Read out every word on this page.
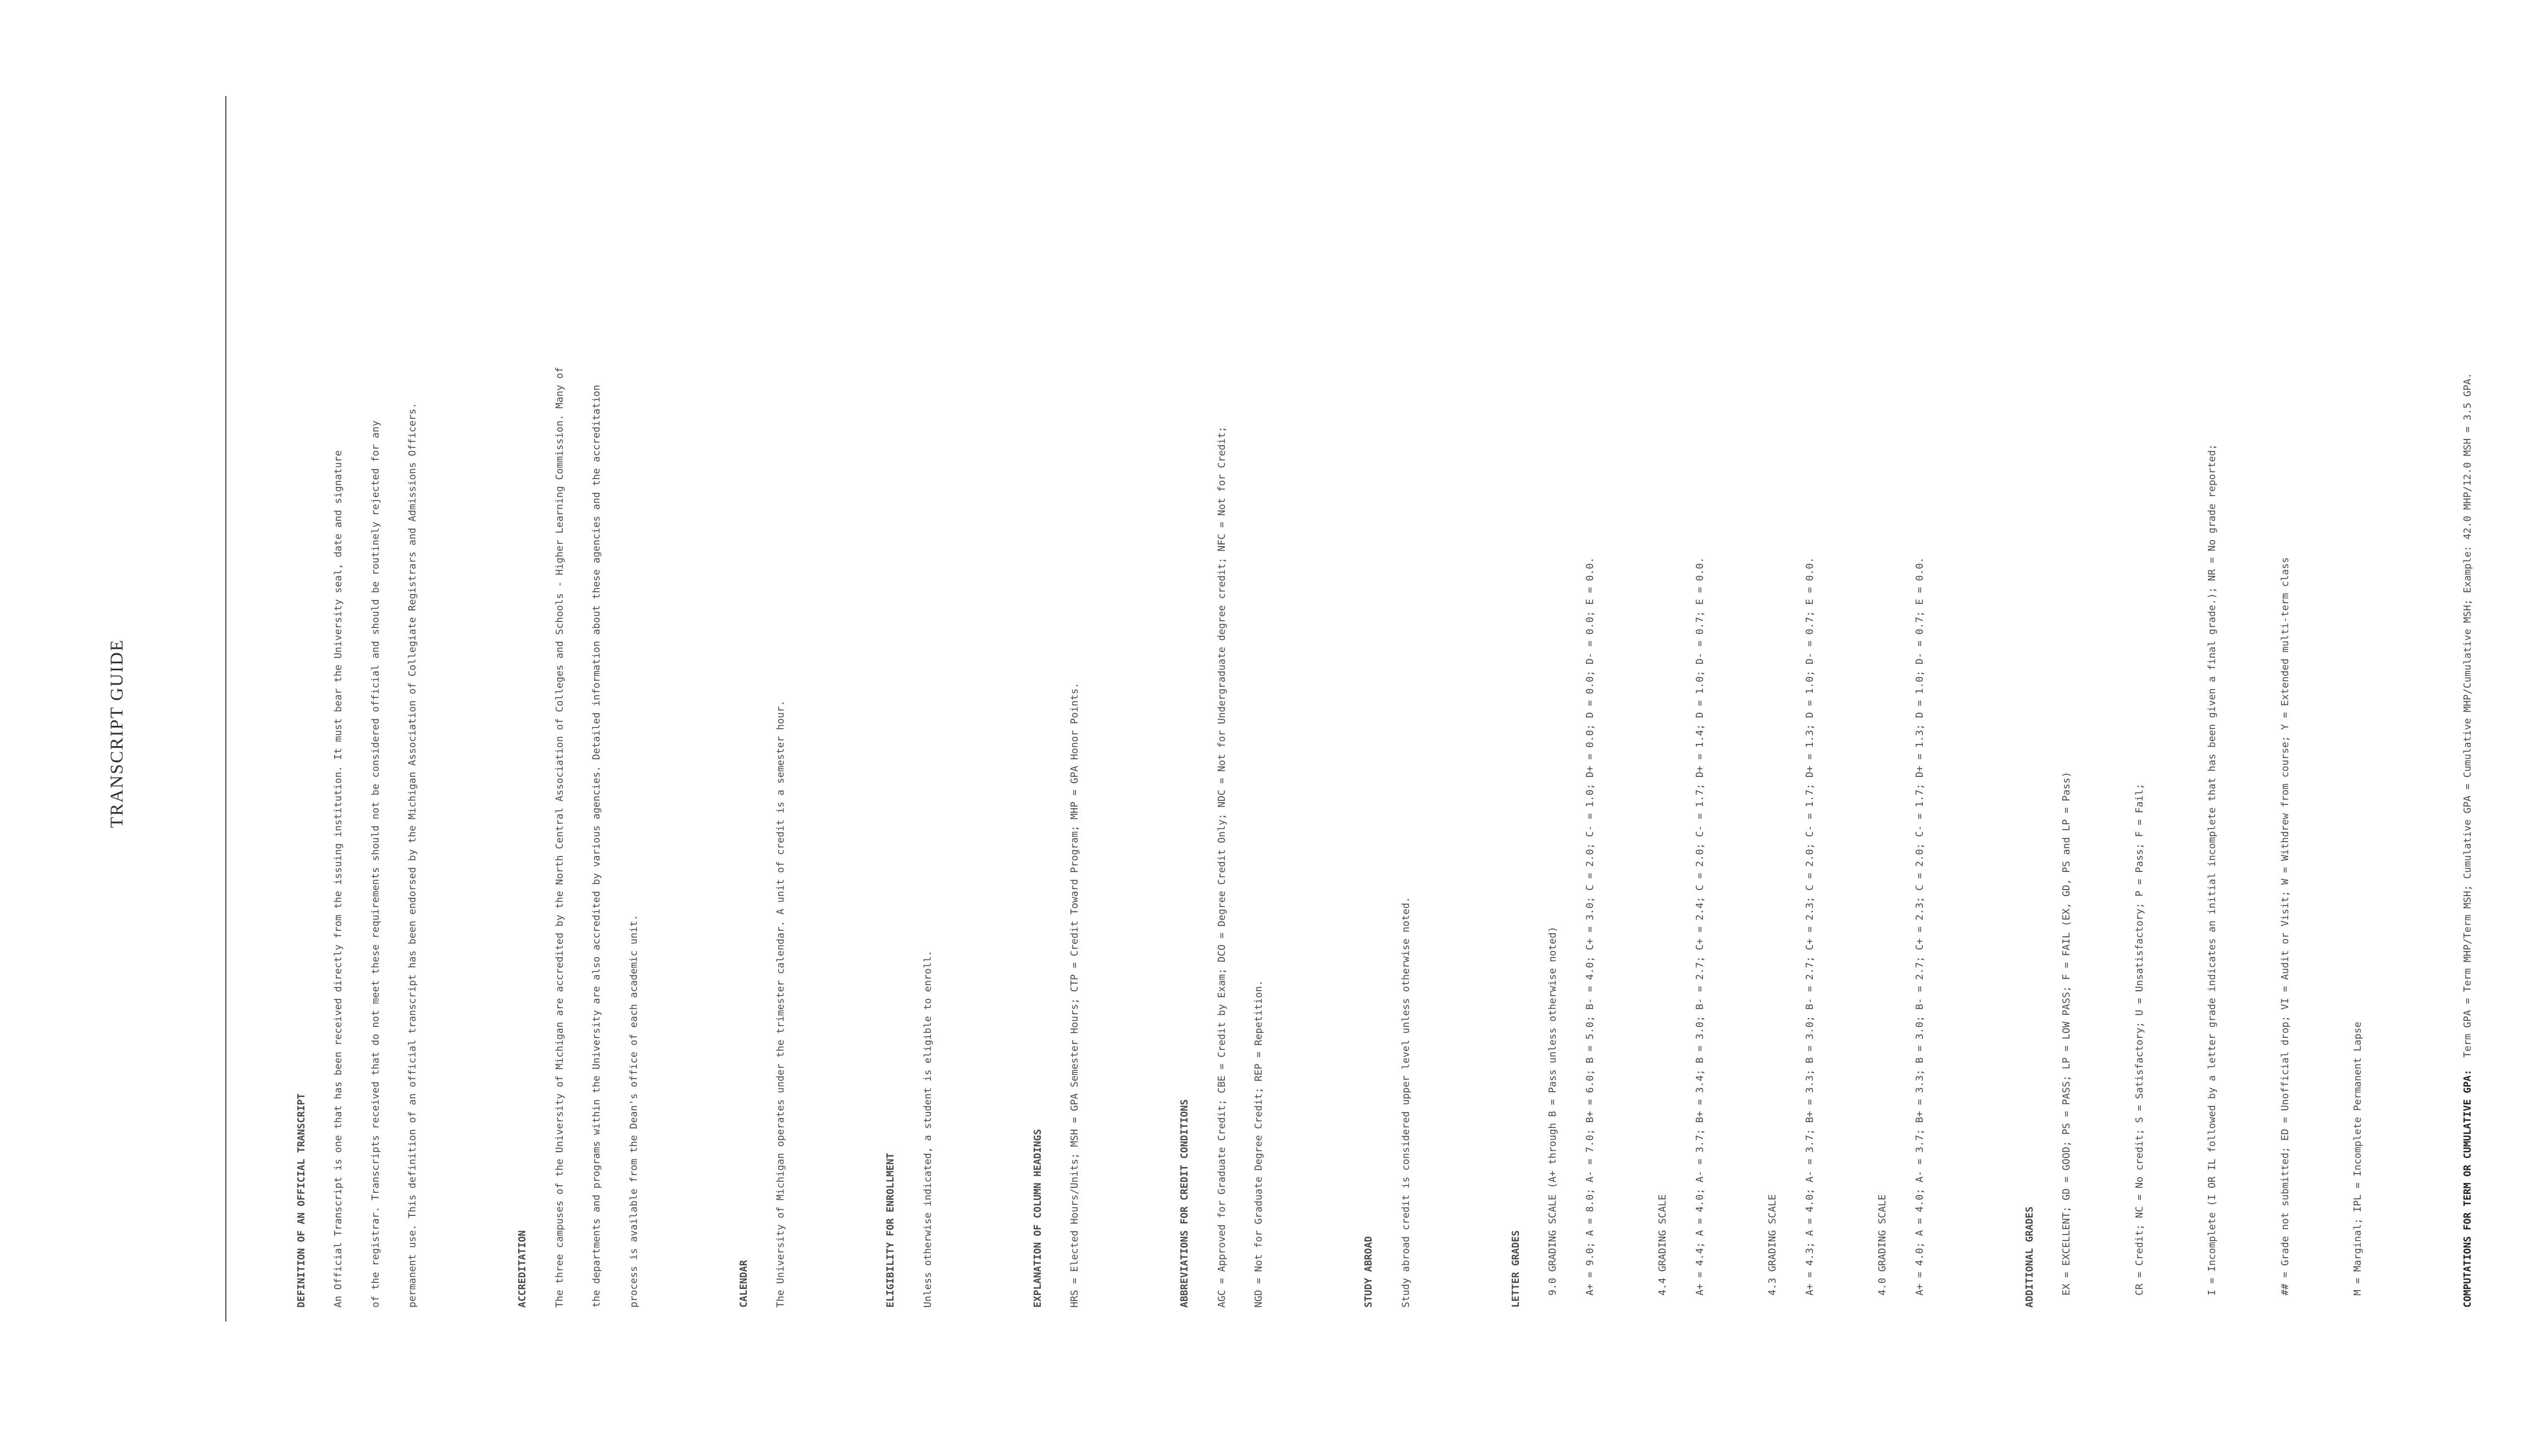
TRANSCRIPT GUIDE

DEFINITION OF AN OFFICIAL TRANSCRIPT

	An Official Transcript is one that has been received directly from the issuing institution. It must bear the University seal, date and signature

	of the registrar. Transcripts received that do not meet these requirements should not be considered official and should be routinely rejected for any

	permanent use. This definition of an official transcript has been endorsed by the Michigan Association of Collegiate Registrars and Admissions Officers.

	ACCREDITATION

	The three campuses of the University of Michigan are accredited by the North Central Association of Colleges and Schools - Higher Learning Commission. Many of

	the departments and programs within the University are also accredited by various agencies. Detailed information about these agencies and the accreditation

	process is available from the Dean's office of each academic unit.

	CALENDAR

	The University of Michigan operates under the trimester calendar. A unit of credit is a semester hour.

	ELIGIBILITY FOR ENROLLMENT

	Unless otherwise indicated, a student is eligible to enroll.

	EXPLANATION OF COLUMN HEADINGS

	HRS = Elected Hours/Units; MSH = GPA Semester Hours; CTP = Credit Toward Program; MHP = GPA Honor Points.

	ABBREVIATIONS FOR CREDIT CONDITIONS

	AGC = Approved for Graduate Credit; CBE = Credit by Exam; DCO = Degree Credit Only; NDC = Not for Undergraduate degree credit; NFC = Not for Credit;

	NGD = Not for Graduate Degree Credit; REP = Repetition.

	STUDY ABROAD

	Study abroad credit is considered upper level unless otherwise noted.

	LETTER GRADES

	9.0 GRADING SCALE (A+ through B = Pass unless otherwise noted)

	A+ = 9.0; A = 8.0; A- = 7.0; B+ = 6.0; B = 5.0; B- = 4.0; C+ = 3.0; C = 2.0; C- = 1.0; D+ = 0.0; D = 0.0; D- = 0.0; E = 0.0.

	4.4 GRADING SCALE

	A+ = 4.4; A = 4.0; A- = 3.7; B+ = 3.4; B = 3.0; B- = 2.7; C+ = 2.4; C = 2.0; C- = 1.7; D+ = 1.4; D = 1.0; D- = 0.7; E = 0.0.

	4.3 GRADING SCALE

	A+ = 4.3; A = 4.0; A- = 3.7; B+ = 3.3; B = 3.0; B- = 2.7; C+ = 2.3; C = 2.0; C- = 1.7; D+ = 1.3; D = 1.0; D- = 0.7; E = 0.0.

	4.0 GRADING SCALE

	A+ = 4.0; A = 4.0; A- = 3.7; B+ = 3.3; B = 3.0; B- = 2.7; C+ = 2.3; C = 2.0; C- = 1.7; D+ = 1.3; D = 1.0; D- = 0.7; E = 0.0.

	ADDITIONAL GRADES

	EX = EXCELLENT; GD = GOOD; PS = PASS; LP = LOW PASS; F = FAIL (EX, GD, PS and LP = Pass)

	CR = Credit; NC = No credit; S = Satisfactory; U = Unsatisfactory; P = Pass; F = Fail;

	I = Incomplete (I OR IL followed by a letter grade indicates an initial incomplete that has been given a final grade.); NR = No grade reported;

	## = Grade not submitted; ED = Unofficial drop; VI = Audit or Visit; W = Withdrew from course; Y = Extended multi-term class

	M = Marginal; IPL = Incomplete Permanent Lapse

	COMPUTATIONS FOR TERM OR CUMULATIVE GPA:  Term GPA = Term MHP/Term MSH; Cumulative GPA = Cumulative MHP/Cumulative MSH; Example: 42.0 MHP/12.0 MSH = 3.5 GPA.
